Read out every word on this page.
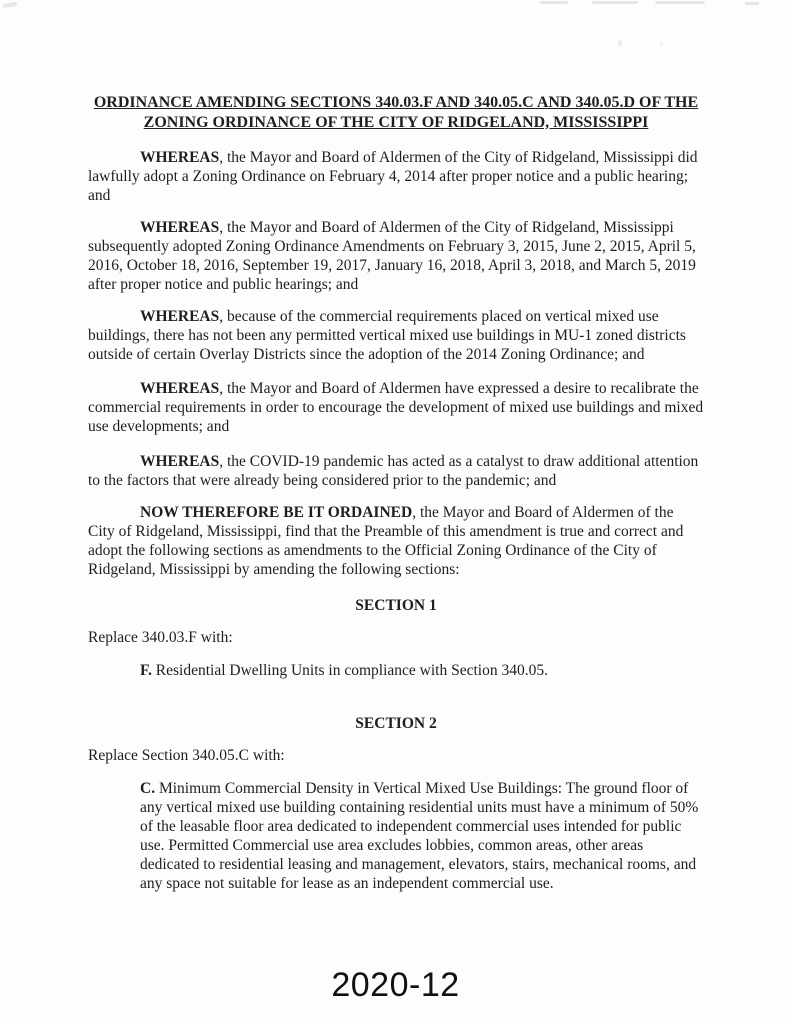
ORDINANCE AMENDING SECTIONS 340.03.F AND 340.05.C AND 340.05.D OF THE
ZONING ORDINANCE OF THE CITY OF RIDGELAND, MISSISSIPPI

WHEREAS, the Mayor and Board of Aldermen of the City of Ridgeland, Mississippi did lawfully adopt a Zoning Ordinance on February 4, 2014 after proper notice and a public hearing; and

WHEREAS, the Mayor and Board of Aldermen of the City of Ridgeland, Mississippi subsequently adopted Zoning Ordinance Amendments on February 3, 2015, June 2, 2015, April 5, 2016, October 18, 2016, September 19, 2017, January 16, 2018, April 3, 2018, and March 5, 2019 after proper notice and public hearings; and

WHEREAS, because of the commercial requirements placed on vertical mixed use buildings, there has not been any permitted vertical mixed use buildings in MU-1 zoned districts outside of certain Overlay Districts since the adoption of the 2014 Zoning Ordinance; and

WHEREAS, the Mayor and Board of Aldermen have expressed a desire to recalibrate the commercial requirements in order to encourage the development of mixed use buildings and mixed use developments; and

WHEREAS, the COVID-19 pandemic has acted as a catalyst to draw additional attention to the factors that were already being considered prior to the pandemic; and

NOW THEREFORE BE IT ORDAINED, the Mayor and Board of Aldermen of the City of Ridgeland, Mississippi, find that the Preamble of this amendment is true and correct and adopt the following sections as amendments to the Official Zoning Ordinance of the City of Ridgeland, Mississippi by amending the following sections:

SECTION 1

Replace 340.03.F with:

F. Residential Dwelling Units in compliance with Section 340.05.

SECTION 2

Replace Section 340.05.C with:

C. Minimum Commercial Density in Vertical Mixed Use Buildings: The ground floor of any vertical mixed use building containing residential units must have a minimum of 50% of the leasable floor area dedicated to independent commercial uses intended for public use. Permitted Commercial use area excludes lobbies, common areas, other areas dedicated to residential leasing and management, elevators, stairs, mechanical rooms, and any space not suitable for lease as an independent commercial use.

2020-12
